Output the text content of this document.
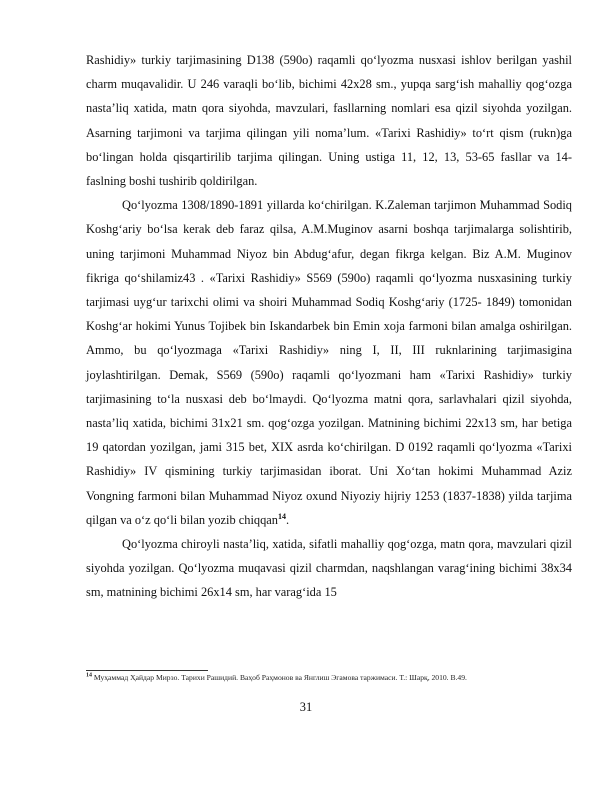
Rashidiy» turkiy tarjimasining D138 (590o) raqamli qo‘lyozma nusxasi ishlov berilgan yashil charm muqavalidir. U 246 varaqli bo‘lib, bichimi 42x28 sm., yupqa sarg‘ish mahalliy qog‘ozga nasta’liq xatida, matn qora siyohda, mavzulari, fasllarning nomlari esa qizil siyohda yozilgan. Asarning tarjimoni va tarjima qilingan yili noma’lum. «Tarixi Rashidiy» to‘rt qism (rukn)ga bo‘lingan holda qisqartirilib tarjima qilingan. Uning ustiga 11, 12, 13, 53-65 fasllar va 14-faslning boshi tushirib qoldirilgan.

Qo‘lyozma 1308/1890-1891 yillarda ko‘chirilgan. K.Zaleman tarjimon Muhammad Sodiq Koshg‘ariy bo‘lsa kerak deb faraz qilsa, A.M.Muginov asarni boshqa tarjimalarga solishtirib, uning tarjimoni Muhammad Niyoz bin Abdug‘afur, degan fikrga kelgan. Biz A.M. Muginov fikriga qo‘shilamiz43 . «Tarixi Rashidiy» S569 (590o) raqamli qo‘lyozma nusxasining turkiy tarjimasi uyg‘ur tarixchi olimi va shoiri Muhammad Sodiq Koshg‘ariy (1725- 1849) tomonidan Koshg‘ar hokimi Yunus Tojibek bin Iskandarbek bin Emin xoja farmoni bilan amalga oshirilgan. Ammo, bu qo‘lyozmaga «Tarixi Rashidiy» ning I, II, III ruknlarining tarjimasigina joylashtirilgan. Demak, S569 (590o) raqamli qo‘lyozmani ham «Tarixi Rashidiy» turkiy tarjimasining to‘la nusxasi deb bo‘lmaydi. Qo‘lyozma matni qora, sarlavhalari qizil siyohda, nasta’liq xatida, bichimi 31x21 sm. qog‘ozga yozilgan. Matnining bichimi 22x13 sm, har betiga 19 qatordan yozilgan, jami 315 bet, XIX asrda ko‘chirilgan. D 0192 raqamli qo‘lyozma «Tarixi Rashidiy» IV qismining turkiy tarjimasidan iborat. Uni Xo‘tan hokimi Muhammad Aziz Vongning farmoni bilan Muhammad Niyoz oxund Niyoziy hijriy 1253 (1837-1838) yilda tarjima qilgan va o‘z qo‘li bilan yozib chiqqan$^{14}$.

Qo‘lyozma chiroyli nasta’liq, xatida, sifatli mahalliy qog‘ozga, matn qora, mavzulari qizil siyohda yozilgan. Qo‘lyozma muqavasi qizil charmdan, naqshlangan varag‘ining bichimi 38x34 sm, matnining bichimi 26x14 sm, har varag‘ida 15

$^{14}$ Муҳаммад Ҳайдар Мирзо. Тарихи Рашидий. Ваҳоб Раҳмонов ва Янглиш Эгамова таржимаси. Т.: Шарқ, 2010. В.49.
31
